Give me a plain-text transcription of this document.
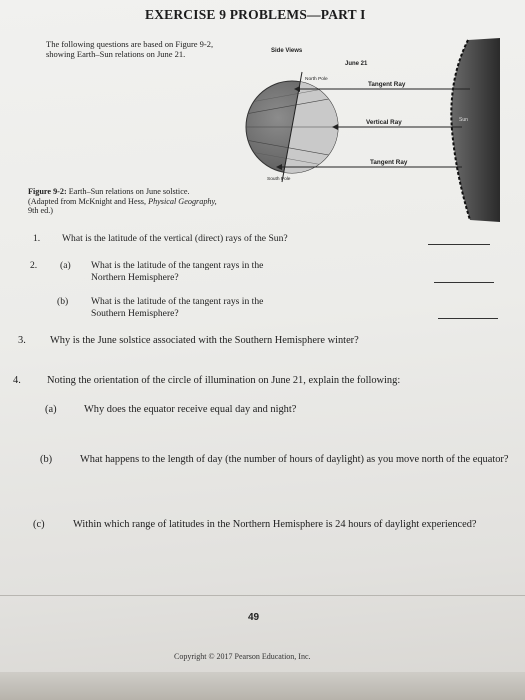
EXERCISE 9 PROBLEMS—PART I
The following questions are based on Figure 9-2, showing Earth–Sun relations on June 21.	Side Views
June 21
North Pole
South Pole
Tangent Ray
Vertical Ray
Tangent Ray
Sun
Figure 9-2: Earth–Sun relations on June solstice.
(Adapted from McKnight and Hess, Physical Geography,
9th ed.)
1. What is the latitude of the vertical (direct) rays of the Sun?
2. (a) What is the latitude of the tangent rays in the Northern Hemisphere?
(b) What is the latitude of the tangent rays in the Southern Hemisphere?
3. Why is the June solstice associated with the Southern Hemisphere winter?
4.	Noting the orientation of the circle of illumination on June 21, explain the following:
(a)	Why does the equator receive equal day and night?
(b)	What happens to the length of day (the number of hours of daylight) as you move north of the equator?
(c)	Within which range of latitudes in the Northern Hemisphere is 24 hours of daylight experienced?
49
Copyright © 2017 Pearson Education, Inc.
